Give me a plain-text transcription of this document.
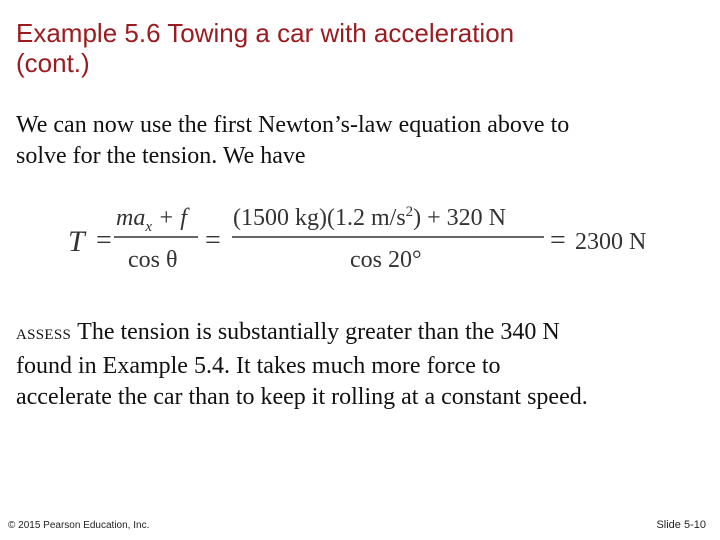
Example 5.6 Towing a car with acceleration
(cont.)

We can now use the first Newton’s-law equation above to
solve for the tension. We have

T =
$ma_x + f$
cos θ
=
(1500 kg)(1.2 $m/s^2) + 320$ N
cos 20°
= 2300 N

ASSESS The tension is substantially greater than the 340 N
found in Example 5.4. It takes much more force to
accelerate the car than to keep it rolling at a constant speed.

© 2015 Pearson Education, Inc.	Slide 5-10
